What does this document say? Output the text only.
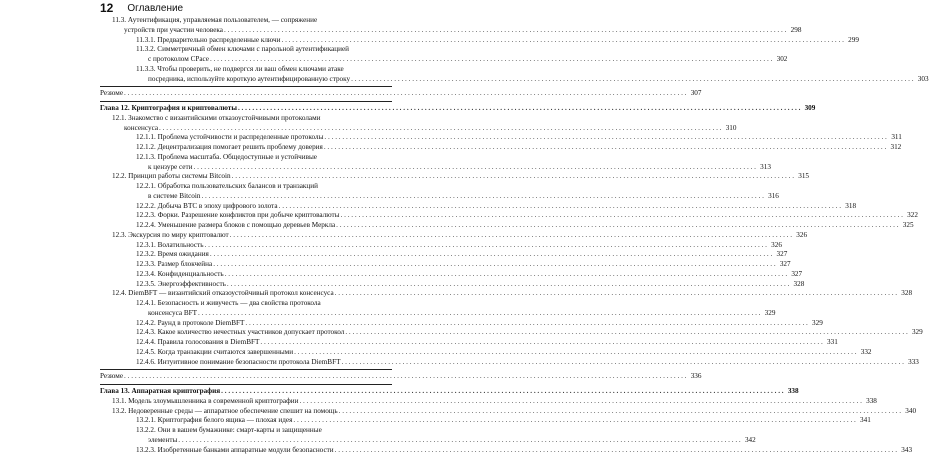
12 Оглавление
11.3. Аутентификация, управляемая пользователем, — сопряжение
устройств при участии человека . . .	298
11.3.1. Предварительно распределенные ключи . . .	299
11.3.2. Симметричный обмен ключами с парольной аутентификацией
с протоколом CPace . . .	302
11.3.3. Чтобы проверить, не подвергся ли ваш обмен ключами атаке
посредника, используйте короткую аутентифицированную строку . . .	303
Резюме . . .	307
Глава 12. Криптография и криптовалюты . . .	309
12.1. Знакомство с византийскими отказоустойчивыми протоколами
консенсуса . . .	310
12.1.1. Проблема устойчивости и распределенные протоколы . . .	311
12.1.2. Децентрализация помогает решить проблему доверия . . .	312
12.1.3. Проблема масштаба. Общедоступные и устойчивые
к цензуре сети . . .	313
12.2. Принцип работы системы Bitcoin . . .	315
12.2.1. Обработка пользовательских балансов и транзакций
в системе Bitcoin . . .	316
12.2.2. Добыча BTC в эпоху цифрового золота . . .	318
12.2.3. Форки. Разрешение конфликтов при добыче криптовалюты . . .	322
12.2.4. Уменьшение размера блоков с помощью деревьев Меркла . . .	325
12.3. Экскурсия по миру криптовалют . . .	326
12.3.1. Волатильность . . .	326
12.3.2. Время ожидания . . .	327
12.3.3. Размер блокчейна . . .	327
12.3.4. Конфиденциальность . . .	327
12.3.5. Энергоэффективность . . .	328
12.4. DiemBFT — византийский отказоустойчивый протокол консенсуса . . .	328
12.4.1. Безопасность и живучесть — два свойства протокола
консенсуса BFT . . .	329
12.4.2. Раунд в протоколе DiemBFT . . .	329
12.4.3. Какое количество нечестных участников допускает протокол . . .	329
12.4.4. Правила голосования в DiemBFT . . .	331
12.4.5. Когда транзакции считаются завершенными . . .	332
12.4.6. Интуитивное понимание безопасности протокола DiemBFT . . .	333
Резюме . . .	336
Глава 13. Аппаратная криптография . . .	338
13.1. Модель злоумышленника в современной криптографии . . .	338
13.2. Недоверенные среды — аппаратное обеспечение спешит на помощь . . .	340
13.2.1. Криптография белого ящика — плохая идея . . .	341
13.2.2. Они в вашем бумажнике: смарт-карты и защищенные
элементы . . .	342
13.2.3. Изобретенные банками аппаратные модули безопасности . . .	343
